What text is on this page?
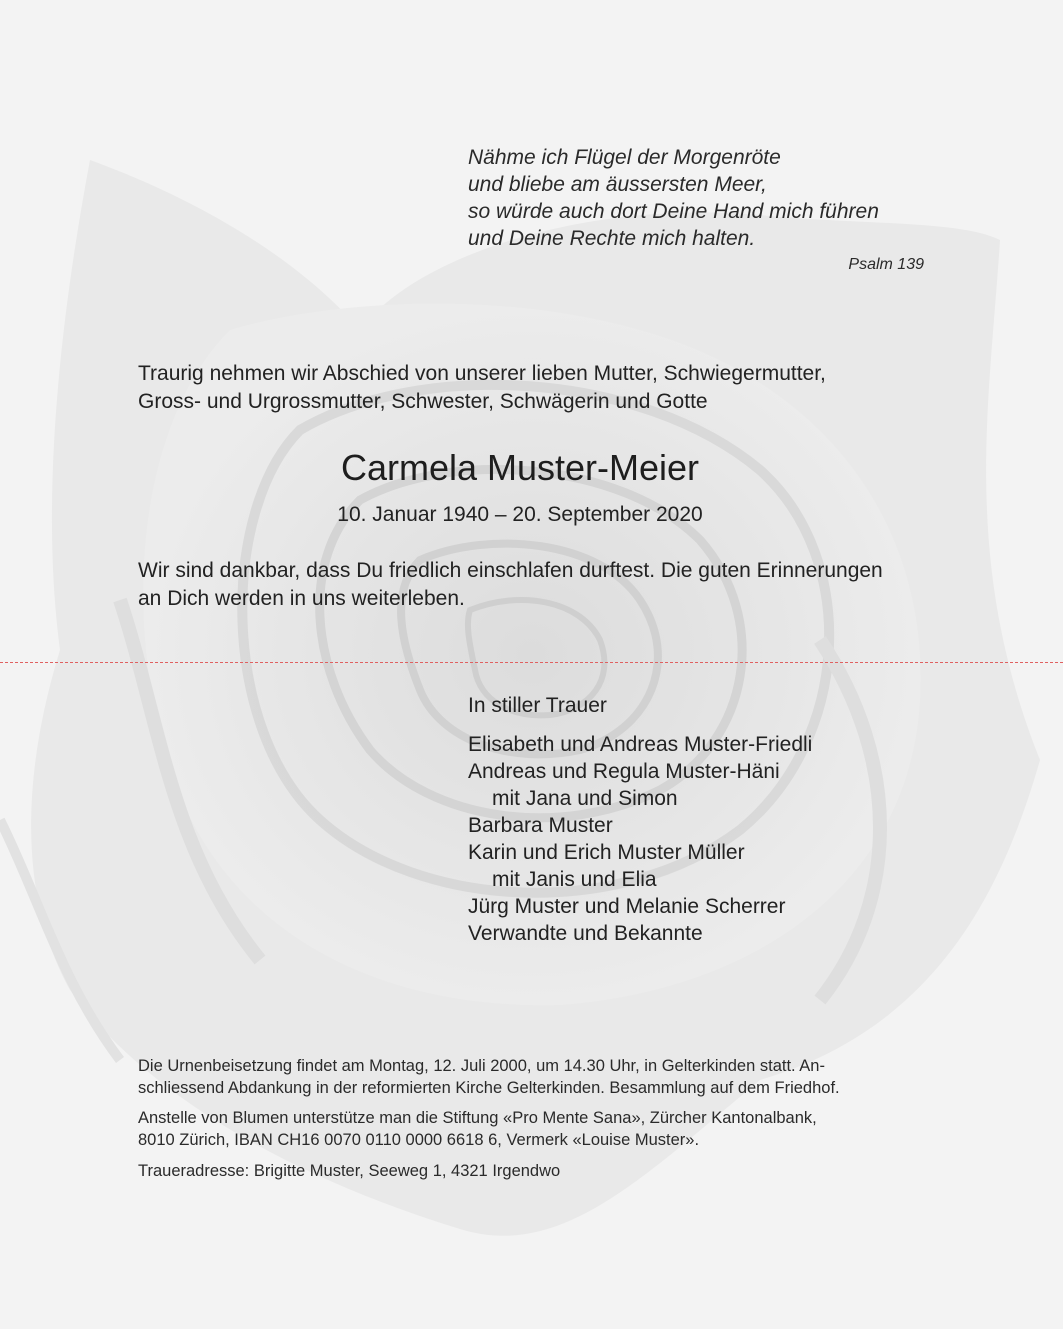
Nähme ich Flügel der Morgenröte
und bliebe am äussersten Meer,
so würde auch dort Deine Hand mich führen
und Deine Rechte mich halten.
Psalm 139
Traurig nehmen wir Abschied von unserer lieben Mutter, Schwiegermutter,
Gross- und Urgrossmutter, Schwester, Schwägerin und Gotte
Carmela Muster-Meier
10. Januar 1940 – 20. September 2020
Wir sind dankbar, dass Du friedlich einschlafen durftest. Die guten Erinnerungen
an Dich werden in uns weiterleben.
In stiller Trauer
Elisabeth und Andreas Muster-Friedli
Andreas und Regula Muster-Häni
mit Jana und Simon
Barbara Muster
Karin und Erich Muster Müller
mit Janis und Elia
Jürg Muster und Melanie Scherrer
Verwandte und Bekannte
Die Urnenbeisetzung findet am Montag, 12. Juli 2000, um 14.30 Uhr, in Gelterkinden statt. An-
schliessend Abdankung in der reformierten Kirche Gelterkinden. Besammlung auf dem Friedhof.
Anstelle von Blumen unterstütze man die Stiftung «Pro Mente Sana», Zürcher Kantonalbank,
8010 Zürich, IBAN CH16 0070 0110 0000 6618 6, Vermerk «Louise Muster».
Traueradresse: Brigitte Muster, Seeweg 1, 4321 Irgendwo
